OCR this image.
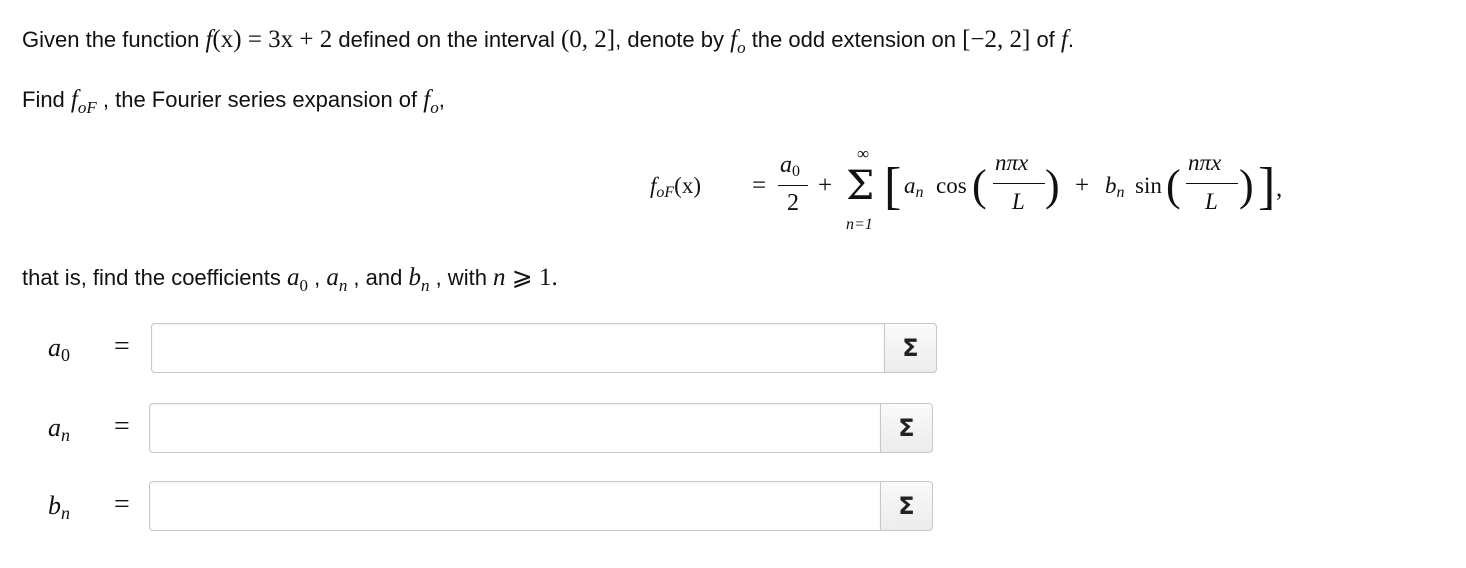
Given the function f(x) = 3x + 2 defined on the interval (0, 2], denote by $f_o$ the odd extension on [−2, 2] of f.
Find $f_{oF}$ , the Fourier series expansion of $f_o$,
foF(x) =
a0
2
+
∞
Σ
n=1
[ an cos ( nπx
L ) + bn sin ( nπx
L ) ] ,
that is, find the coefficients $a_0$ , $a_n$ , and $b_n$ , with n ⩾ 1.
a0 =	Σ
an =	Σ
bn =	Σ
